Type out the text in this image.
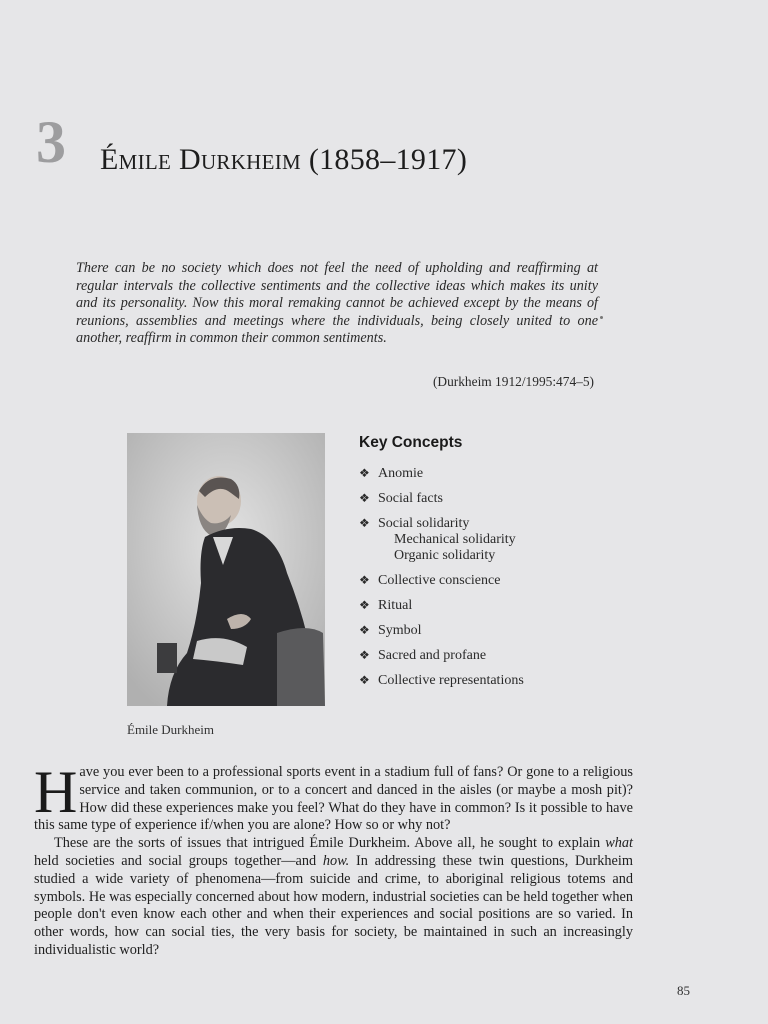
3 Émile Durkheim (1858–1917)
There can be no society which does not feel the need of upholding and reaffirming at regular intervals the collective sentiments and the collective ideas which makes its unity and its personality. Now this moral remaking cannot be achieved except by the means of reunions, assemblies and meetings where the individuals, being closely united to one another, reaffirm in common their common sentiments.
(Durkheim 1912/1995:474–5)
Émile Durkheim
Key Concepts
❖ Anomie
❖ Social facts
❖ Social solidarity
Mechanical solidarity
Organic solidarity
❖ Collective conscience
❖ Ritual
❖ Symbol
❖ Sacred and profane
❖ Collective representations

Have you ever been to a professional sports event in a stadium full of fans? Or gone to a religious service and taken communion, or to a concert and danced in the aisles (or maybe a mosh pit)? How did these experiences make you feel? What do they have in common? Is it possible to have this same type of experience if/when you are alone? How so or why not?

These are the sorts of issues that intrigued Émile Durkheim. Above all, he sought to explain what held societies and social groups together—and how. In addressing these twin questions, Durkheim studied a wide variety of phenomena—from suicide and crime, to aboriginal religious totems and symbols. He was especially concerned about how modern, industrial societies can be held together when people don't even know each other and when their experiences and social positions are so varied. In other words, how can social ties, the very basis for society, be maintained in such an increasingly individualistic world?

85
